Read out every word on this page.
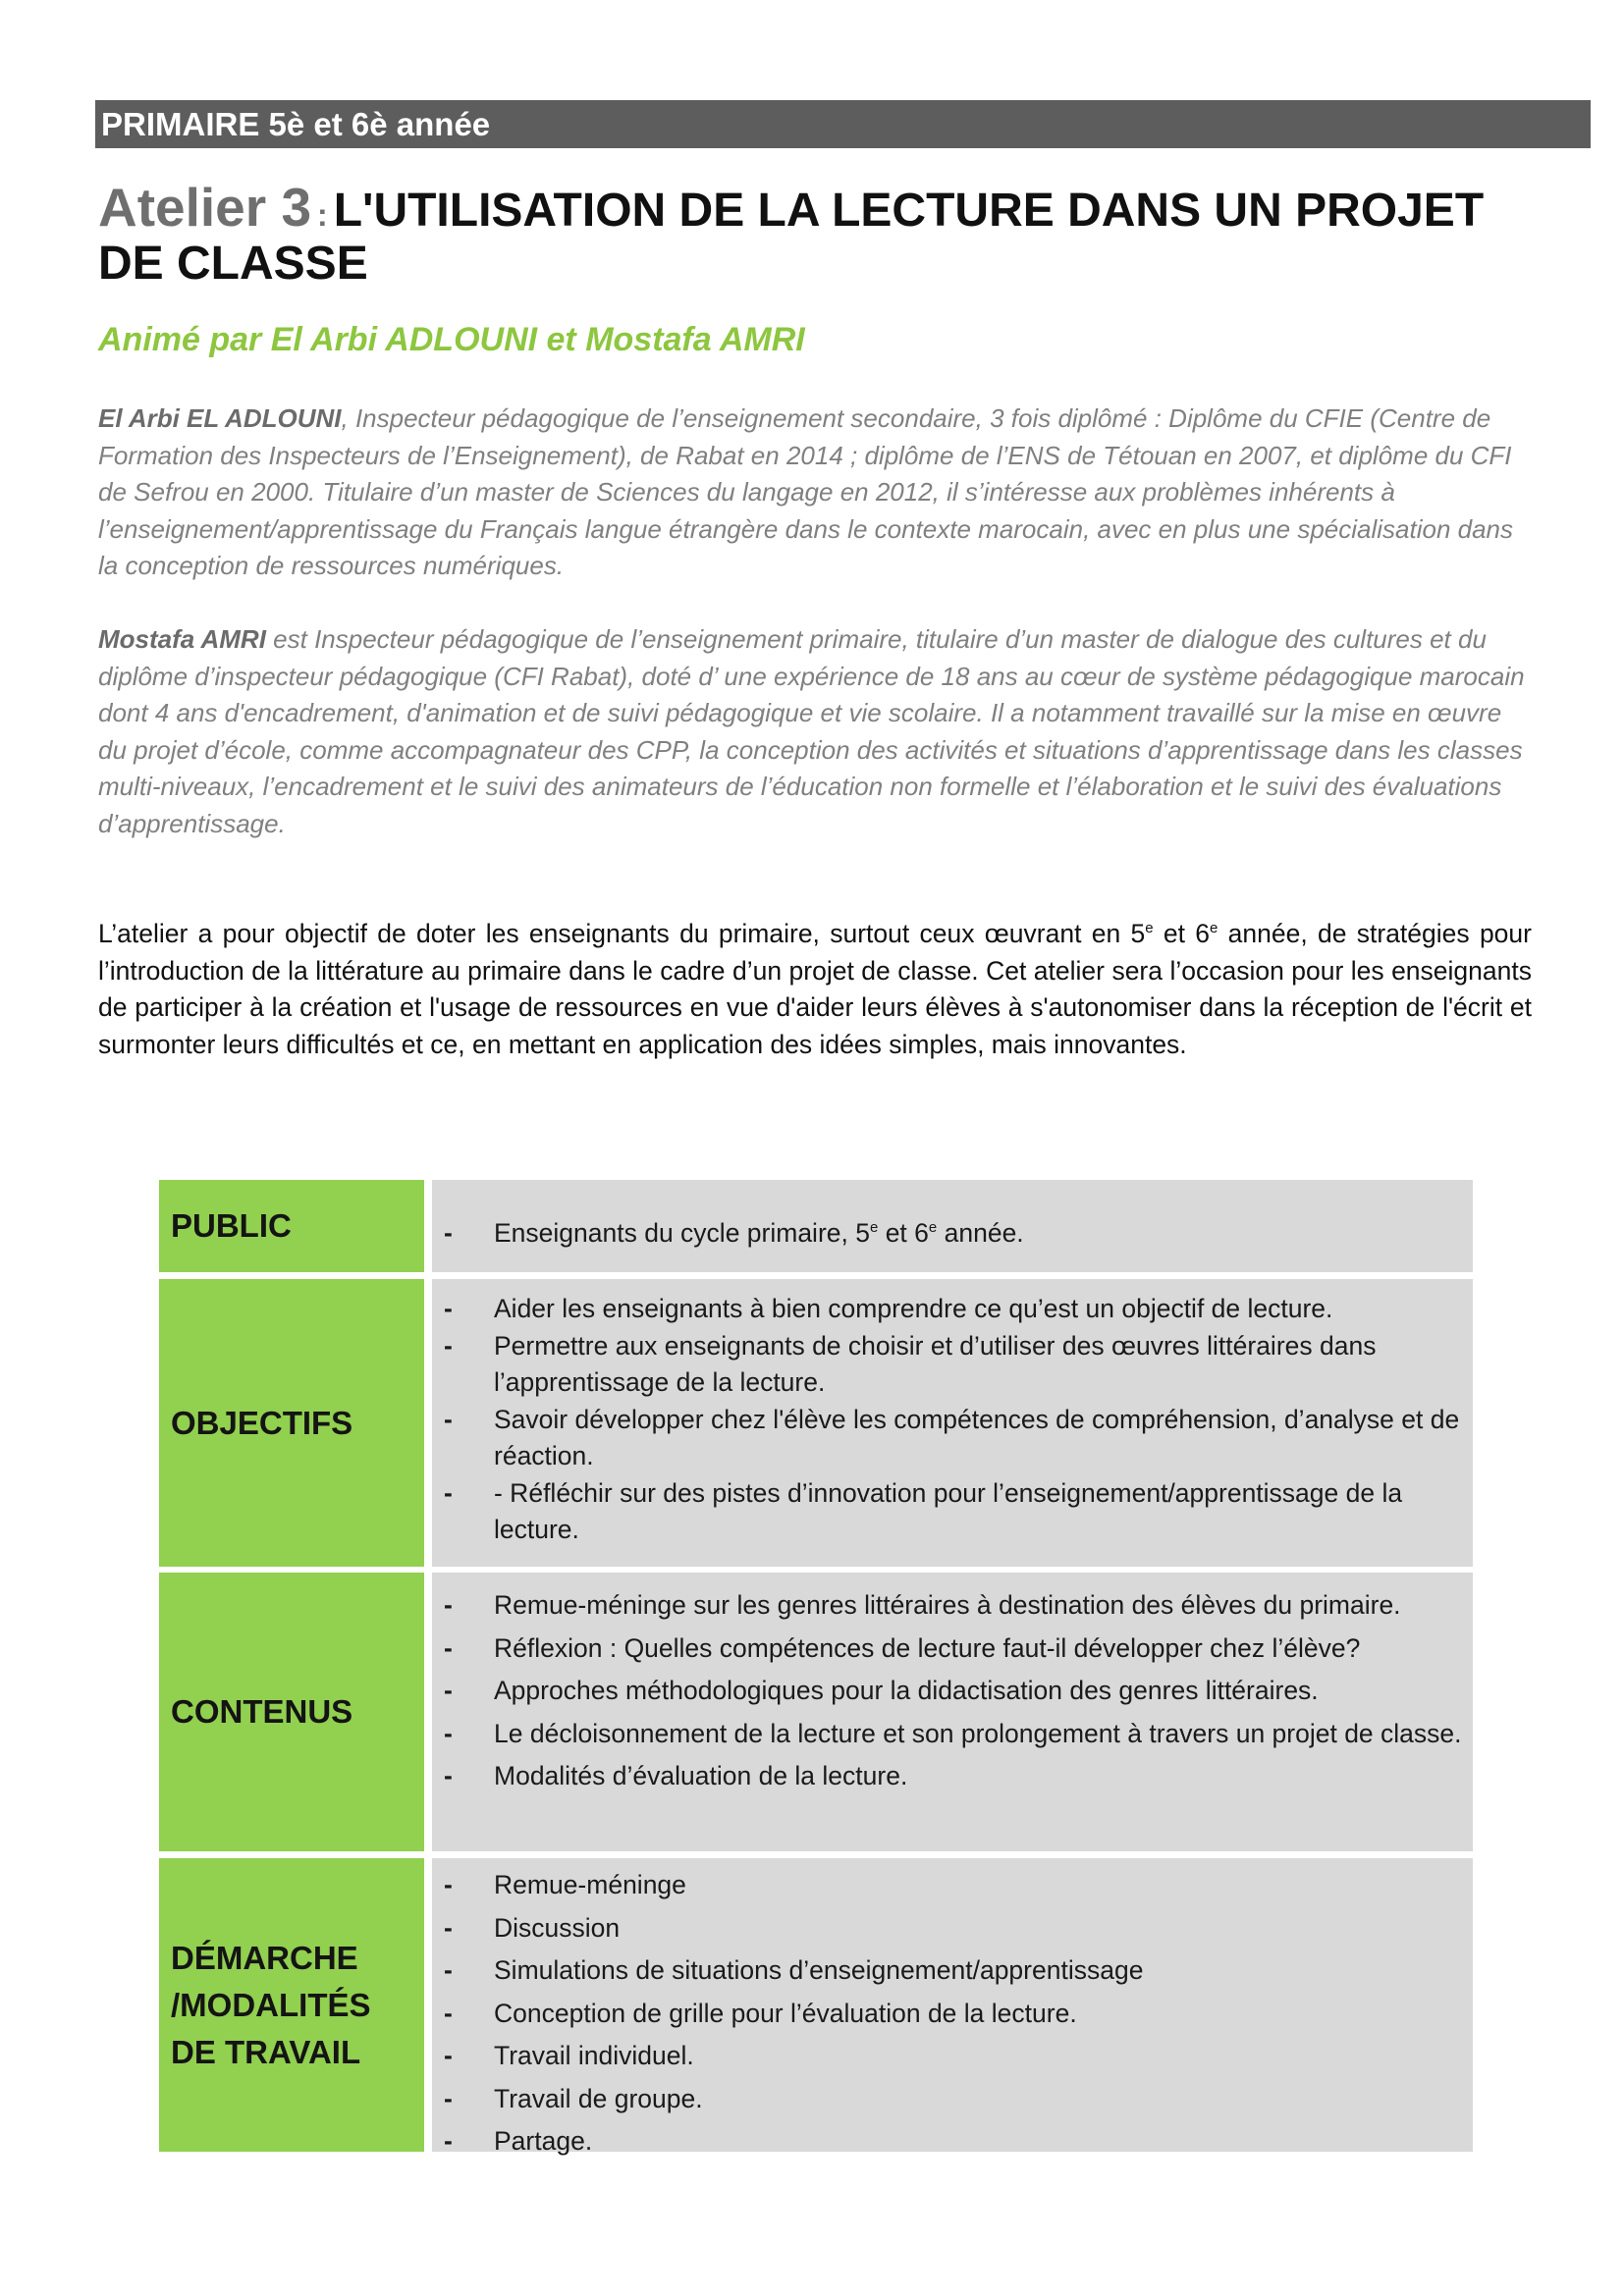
PRIMAIRE 5è et 6è année
Atelier 3 : L'UTILISATION DE LA LECTURE DANS UN PROJET DE CLASSE
Animé par El Arbi ADLOUNI et Mostafa AMRI
El Arbi EL ADLOUNI, Inspecteur pédagogique de l’enseignement secondaire, 3 fois diplômé : Diplôme du CFIE (Centre de Formation des Inspecteurs de l’Enseignement), de Rabat en 2014 ; diplôme de l’ENS de Tétouan en 2007, et diplôme du CFI de Sefrou en 2000. Titulaire d’un master de Sciences du langage en 2012, il s’intéresse aux problèmes inhérents à l’enseignement/apprentissage du Français langue étrangère dans le contexte marocain, avec en plus une spécialisation dans la conception de ressources numériques.
Mostafa AMRI est Inspecteur pédagogique de l’enseignement primaire, titulaire d’un master de dialogue des cultures et du diplôme d’inspecteur pédagogique (CFI Rabat), doté d’ une expérience de 18 ans au cœur de système pédagogique marocain dont 4 ans d'encadrement, d'animation et de suivi pédagogique et vie scolaire. Il a notamment travaillé sur la mise en œuvre du projet d’école, comme accompagnateur des CPP, la conception des activités et situations d’apprentissage dans les classes multi-niveaux, l’encadrement et le suivi des animateurs de l’éducation non formelle et l’élaboration et le suivi des évaluations d’apprentissage.
L’atelier a pour objectif de doter les enseignants du primaire, surtout ceux œuvrant en 5e et 6e année, de stratégies pour l’introduction de la littérature au primaire dans le cadre d’un projet de classe. Cet atelier sera l’occasion pour les enseignants de participer à la création et l'usage de ressources en vue d'aider leurs élèves à s'autonomiser dans la réception de l'écrit et surmonter leurs difficultés et ce, en mettant en application des idées simples, mais innovantes.
PUBLIC
-	Enseignants du cycle primaire, 5e et 6e année.
OBJECTIFS
- Aider les enseignants à bien comprendre ce qu’est un objectif de lecture.
- Permettre aux enseignants de choisir et d’utiliser des œuvres littéraires dans l’apprentissage de la lecture.
- Savoir développer chez l'élève les compétences de compréhension, d’analyse et de réaction.
- - Réfléchir sur des pistes d’innovation pour l’enseignement/apprentissage de la lecture.
CONTENUS
- Remue-méninge sur les genres littéraires à destination des élèves du primaire.
- Réflexion : Quelles compétences de lecture faut-il développer chez l’élève?
- Approches méthodologiques pour la didactisation des genres littéraires.
- Le décloisonnement de la lecture et son prolongement à travers un projet de classe.
- Modalités d’évaluation de la lecture.
DÉMARCHE
/MODALITÉS
DE TRAVAIL
- Remue-méninge
- Discussion
- Simulations de situations d’enseignement/apprentissage
- Conception de grille pour l’évaluation de la lecture.
- Travail individuel.
- Travail de groupe.
- Partage.
